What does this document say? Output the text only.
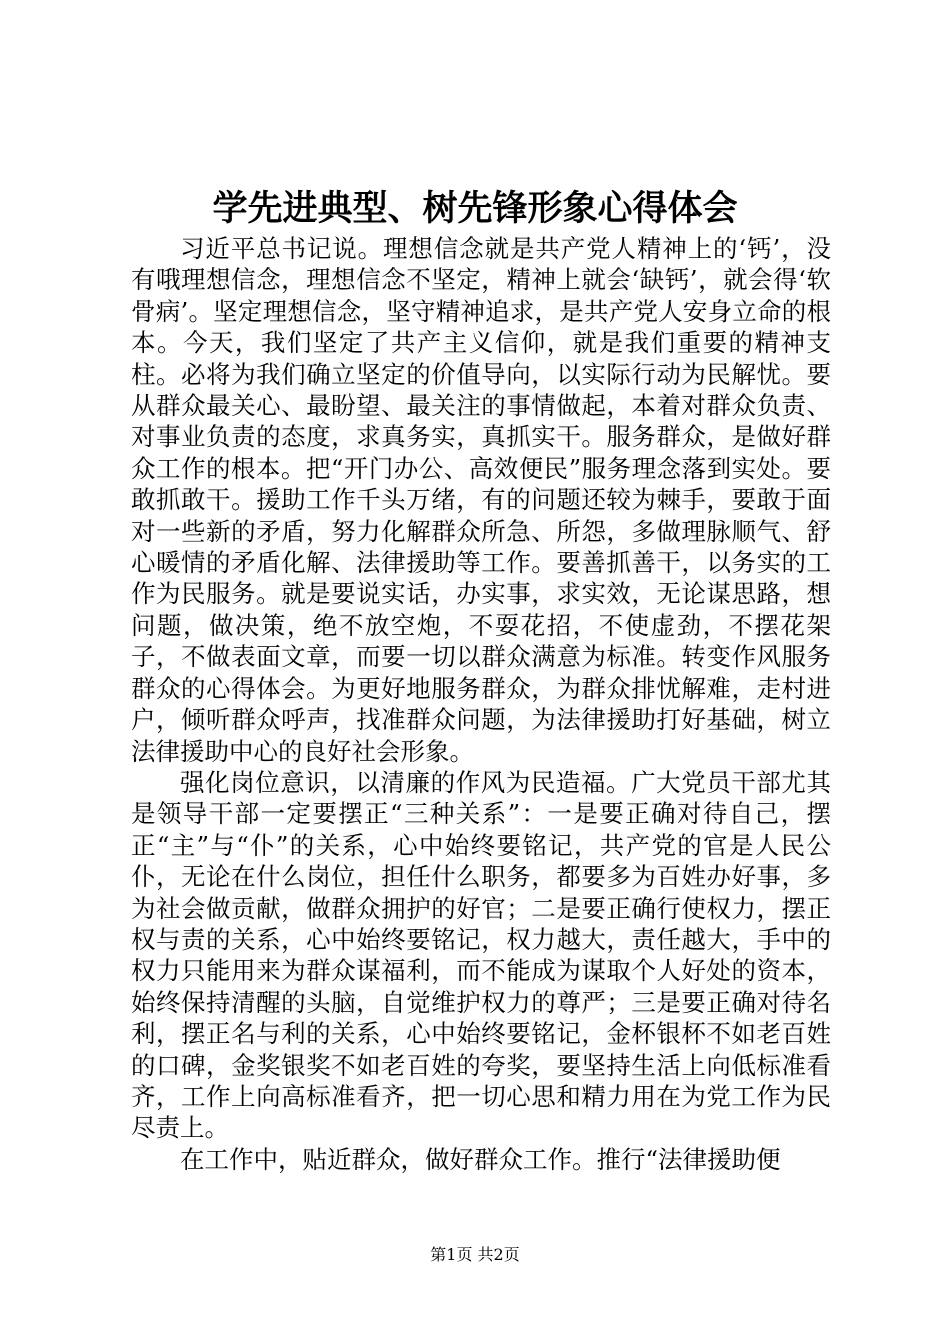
学先进典型、树先锋形象心得体会

习近平总书记说。理想信念就是共产党人精神上的‘钙’，没有哦理想信念，理想信念不坚定，精神上就会‘缺钙’，就会得‘软骨病’。坚定理想信念，坚守精神追求，是共产党人安身立命的根本。今天，我们坚定了共产主义信仰，就是我们重要的精神支柱。必将为我们确立坚定的价值导向，以实际行动为民解忧。要从群众最关心、最盼望、最关注的事情做起，本着对群众负责、对事业负责的态度，求真务实，真抓实干。服务群众，是做好群众工作的根本。把“开门办公、高效便民”服务理念落到实处。要敢抓敢干。援助工作千头万绪，有的问题还较为棘手，要敢于面对一些新的矛盾，努力化解群众所急、所怨，多做理脉顺气、舒心暖情的矛盾化解、法律援助等工作。要善抓善干，以务实的工作为民服务。就是要说实话，办实事，求实效，无论谋思路，想问题，做决策，绝不放空炮，不耍花招，不使虚劲，不摆花架子，不做表面文章，而要一切以群众满意为标准。转变作风服务群众的心得体会。为更好地服务群众，为群众排忧解难，走村进户，倾听群众呼声，找准群众问题，为法律援助打好基础，树立法律援助中心的良好社会形象。

强化岗位意识，以清廉的作风为民造福。广大党员干部尤其是领导干部一定要摆正“三种关系”：一是要正确对待自己，摆正“主”与“仆”的关系，心中始终要铭记，共产党的官是人民公仆，无论在什么岗位，担任什么职务，都要多为百姓办好事，多为社会做贡献，做群众拥护的好官；二是要正确行使权力，摆正权与责的关系，心中始终要铭记，权力越大，责任越大，手中的权力只能用来为群众谋福利，而不能成为谋取个人好处的资本，始终保持清醒的头脑，自觉维护权力的尊严；三是要正确对待名利，摆正名与利的关系，心中始终要铭记，金杯银杯不如老百姓的口碑，金奖银奖不如老百姓的夸奖，要坚持生活上向低标准看齐，工作上向高标准看齐，把一切心思和精力用在为党工作为民尽责上。

在工作中，贴近群众，做好群众工作。推行“法律援助便

第1页 共2页
